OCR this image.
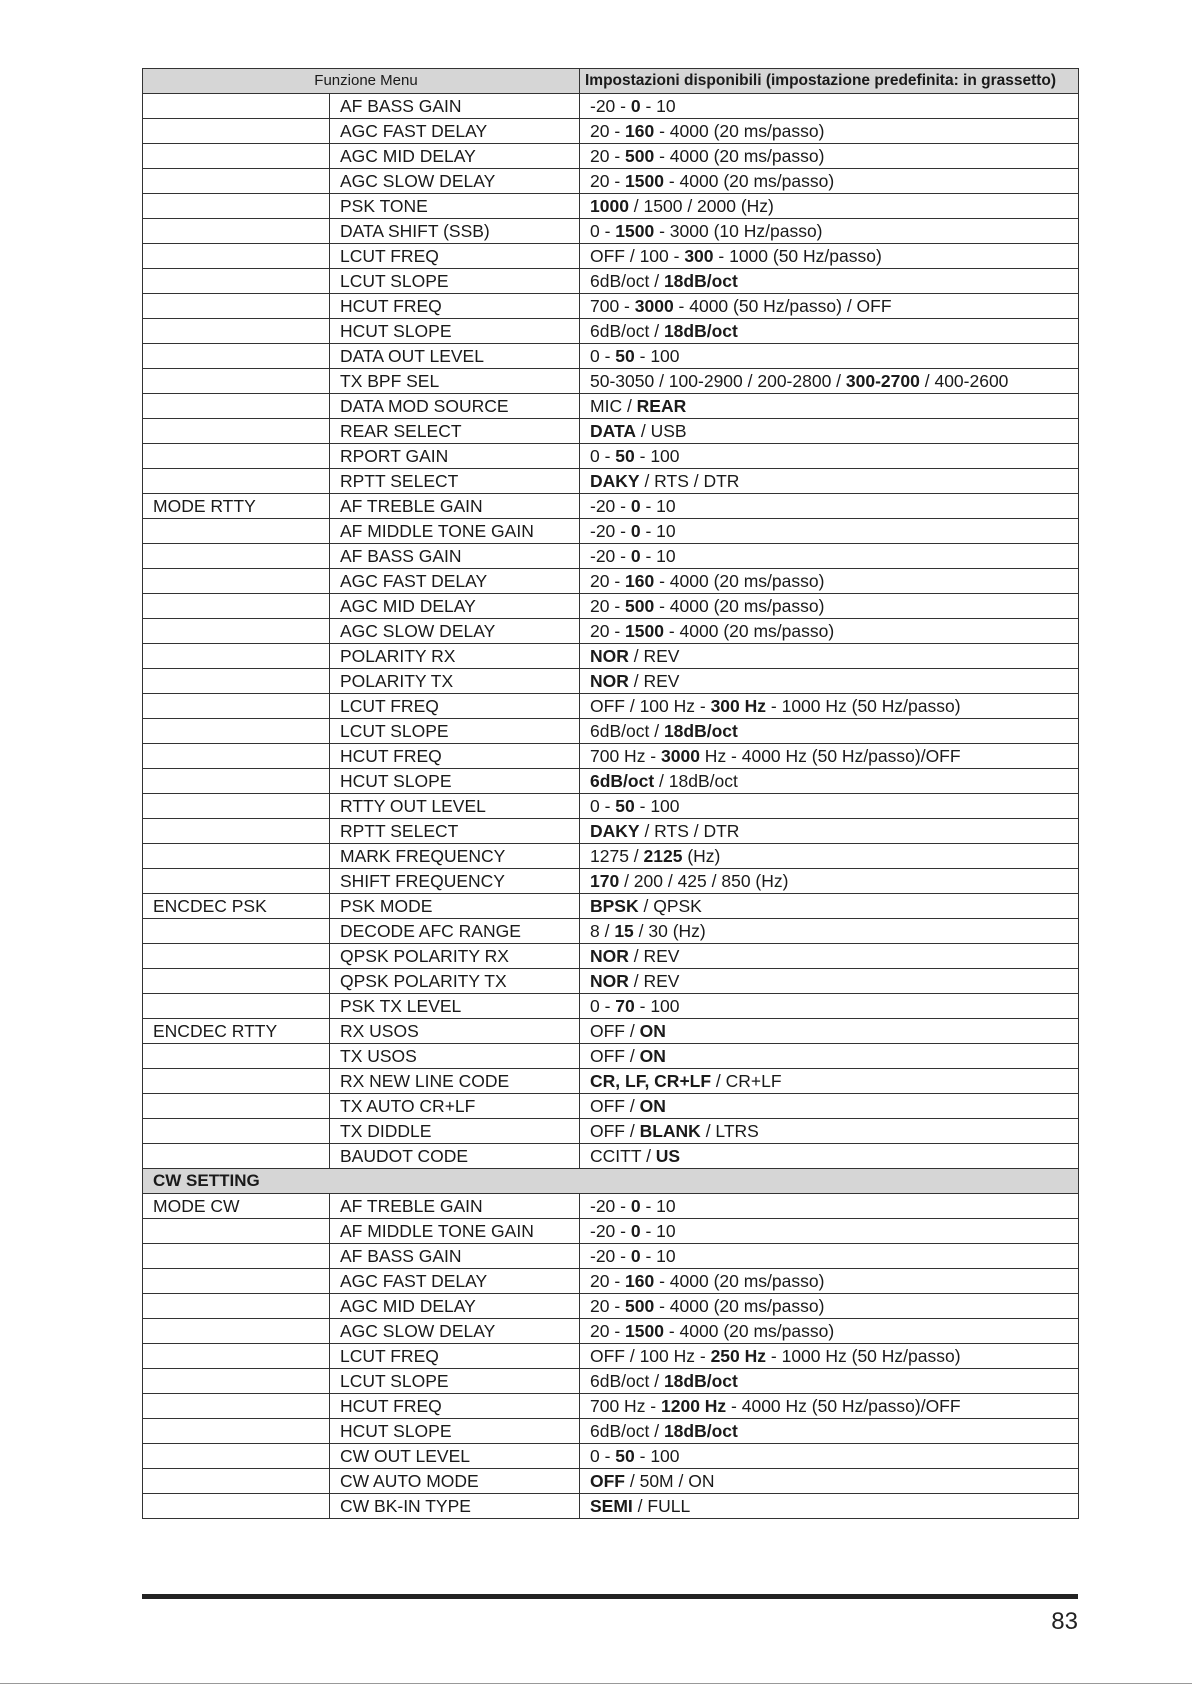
Funzione Menu		Impostazioni disponibili (impostazione predefinita: in grassetto)
	AF BASS GAIN	-20 - 0 - 10
	AGC FAST DELAY	20 - 160 - 4000 (20 ms/passo)
	AGC MID DELAY	20 - 500 - 4000 (20 ms/passo)
	AGC SLOW DELAY	20 - 1500 - 4000 (20 ms/passo)
	PSK TONE	1000 / 1500 / 2000 (Hz)
	DATA SHIFT (SSB)	0 - 1500 - 3000 (10 Hz/passo)
	LCUT FREQ	OFF / 100 - 300 - 1000 (50 Hz/passo)
	LCUT SLOPE	6dB/oct / 18dB/oct
	HCUT FREQ	700 - 3000 - 4000 (50 Hz/passo) / OFF
	HCUT SLOPE	6dB/oct / 18dB/oct
	DATA OUT LEVEL	0 - 50 - 100
	TX BPF SEL	50-3050 / 100-2900 / 200-2800 / 300-2700 / 400-2600
	DATA MOD SOURCE	MIC / REAR
	REAR SELECT	DATA / USB
	RPORT GAIN	0 - 50 - 100
	RPTT SELECT	DAKY / RTS / DTR
MODE RTTY	AF TREBLE GAIN	-20 - 0 - 10
	AF MIDDLE TONE GAIN	-20 - 0 - 10
	AF BASS GAIN	-20 - 0 - 10
	AGC FAST DELAY	20 - 160 - 4000 (20 ms/passo)
	AGC MID DELAY	20 - 500 - 4000 (20 ms/passo)
	AGC SLOW DELAY	20 - 1500 - 4000 (20 ms/passo)
	POLARITY RX	NOR / REV
	POLARITY TX	NOR / REV
	LCUT FREQ	OFF / 100 Hz - 300 Hz - 1000 Hz (50 Hz/passo)
	LCUT SLOPE	6dB/oct / 18dB/oct
	HCUT FREQ	700 Hz - 3000 Hz - 4000 Hz (50 Hz/passo)/OFF
	HCUT SLOPE	6dB/oct / 18dB/oct
	RTTY OUT LEVEL	0 - 50 - 100
	RPTT SELECT	DAKY / RTS / DTR
	MARK FREQUENCY	1275 / 2125 (Hz)
	SHIFT FREQUENCY	170 / 200 / 425 / 850 (Hz)
ENCDEC PSK	PSK MODE	BPSK / QPSK
	DECODE AFC RANGE	8 / 15 / 30 (Hz)
	QPSK POLARITY RX	NOR / REV
	QPSK POLARITY TX	NOR / REV
	PSK TX LEVEL	0 - 70 - 100
ENCDEC RTTY	RX USOS	OFF / ON
	TX USOS	OFF / ON
	RX NEW LINE CODE	CR, LF, CR+LF / CR+LF
	TX AUTO CR+LF	OFF / ON
	TX DIDDLE	OFF / BLANK / LTRS
	BAUDOT CODE	CCITT / US
CW SETTING		
MODE CW	AF TREBLE GAIN	-20 - 0 - 10
	AF MIDDLE TONE GAIN	-20 - 0 - 10
	AF BASS GAIN	-20 - 0 - 10
	AGC FAST DELAY	20 - 160 - 4000 (20 ms/passo)
	AGC MID DELAY	20 - 500 - 4000 (20 ms/passo)
	AGC SLOW DELAY	20 - 1500 - 4000 (20 ms/passo)
	LCUT FREQ	OFF / 100 Hz - 250 Hz - 1000 Hz (50 Hz/passo)
	LCUT SLOPE	6dB/oct / 18dB/oct
	HCUT FREQ	700 Hz - 1200 Hz - 4000 Hz (50 Hz/passo)/OFF
	HCUT SLOPE	6dB/oct / 18dB/oct
	CW OUT LEVEL	0 - 50 - 100
	CW AUTO MODE	OFF / 50M / ON
	CW BK-IN TYPE	SEMI / FULL
83
